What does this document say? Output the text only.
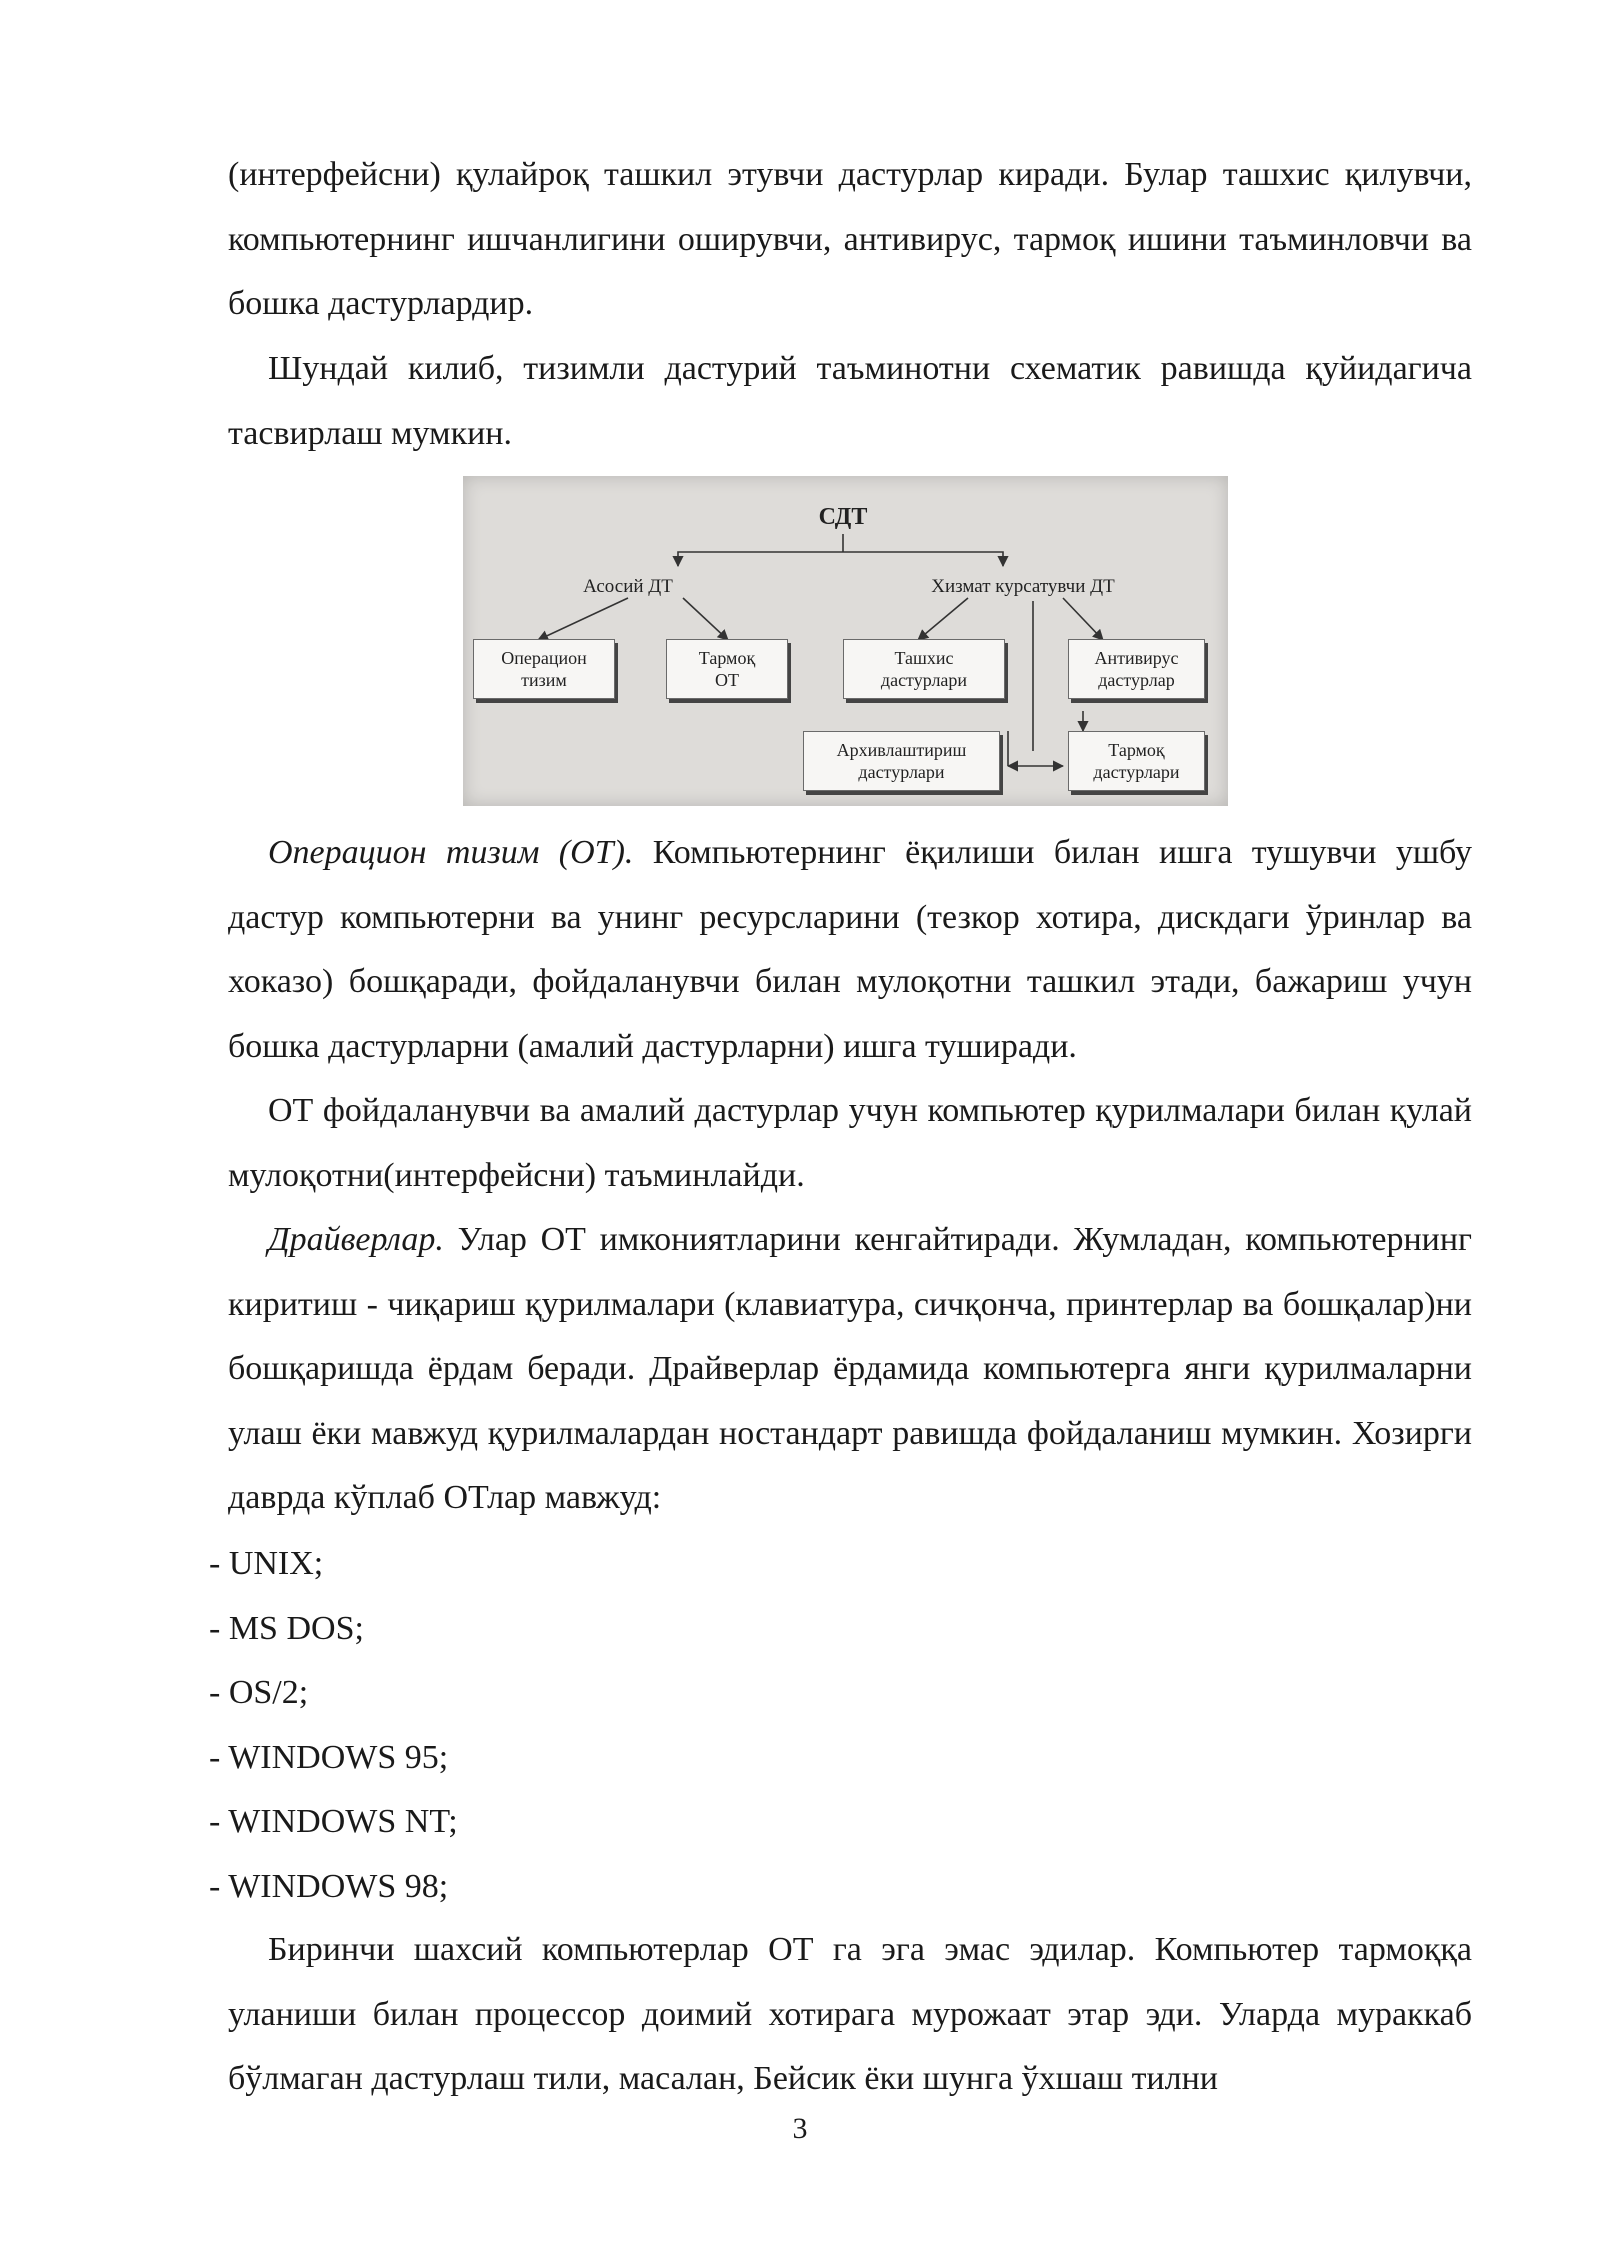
(интерфейсни) қулайроқ ташкил этувчи дастурлар киради. Булар ташхис қилувчи, компьютернинг ишчанлигини оширувчи, антивирус, тармоқ ишини таъминловчи ва бошка дастурлардир.

Шундай килиб, тизимли дастурий таъминотни схематик равишда қуйидагича тасвирлаш мумкин.

СДТ
Асосий ДТ	Хизмат курсатувчи ДТ
Операцион
тизим
Тармоқ
ОТ
Ташхис
дастурлари
Антивирус
дастурлар
Архивлаштириш
дастурлари
Тармоқ
дастурлари

Операцион тизим (ОТ). Компьютернинг ёқилиши билан ишга тушувчи ушбу дастур компьютерни ва унинг ресурсларини (тезкор хотира, дискдаги ўринлар ва хоказо) бошқаради, фойдаланувчи билан мулоқотни ташкил этади, бажариш учун бошка дастурларни (амалий дастурларни) ишга туширади.

ОТ фойдаланувчи ва амалий дастурлар учун компьютер қурилмалари билан қулай мулоқотни(интерфейсни) таъминлайди.

Драйверлар. Улар ОТ имкониятларини кенгайтиради. Жумладан, компьютернинг киритиш - чиқариш қурилмалари (клавиатура, сичқонча, принтерлар ва бошқалар)ни бошқаришда ёрдам беради. Драйверлар ёрдамида компьютерга янги қурилмаларни улаш ёки мавжуд қурилмалардан ностандарт равишда фойдаланиш мумкин. Хозирги даврда кўплаб ОТлар мавжуд:

- UNIX;
- MS DOS;
- OS/2;
- WINDOWS 95;
- WINDOWS NT;
- WINDOWS 98;

Биринчи шахсий компьютерлар ОТ га эга эмас эдилар. Компьютер тармоққа уланиши билан процессор доимий хотирага мурожаат этар эди. Уларда мураккаб бўлмаган дастурлаш тили, масалан, Бейсик ёки шунга ўхшаш тилни

3
